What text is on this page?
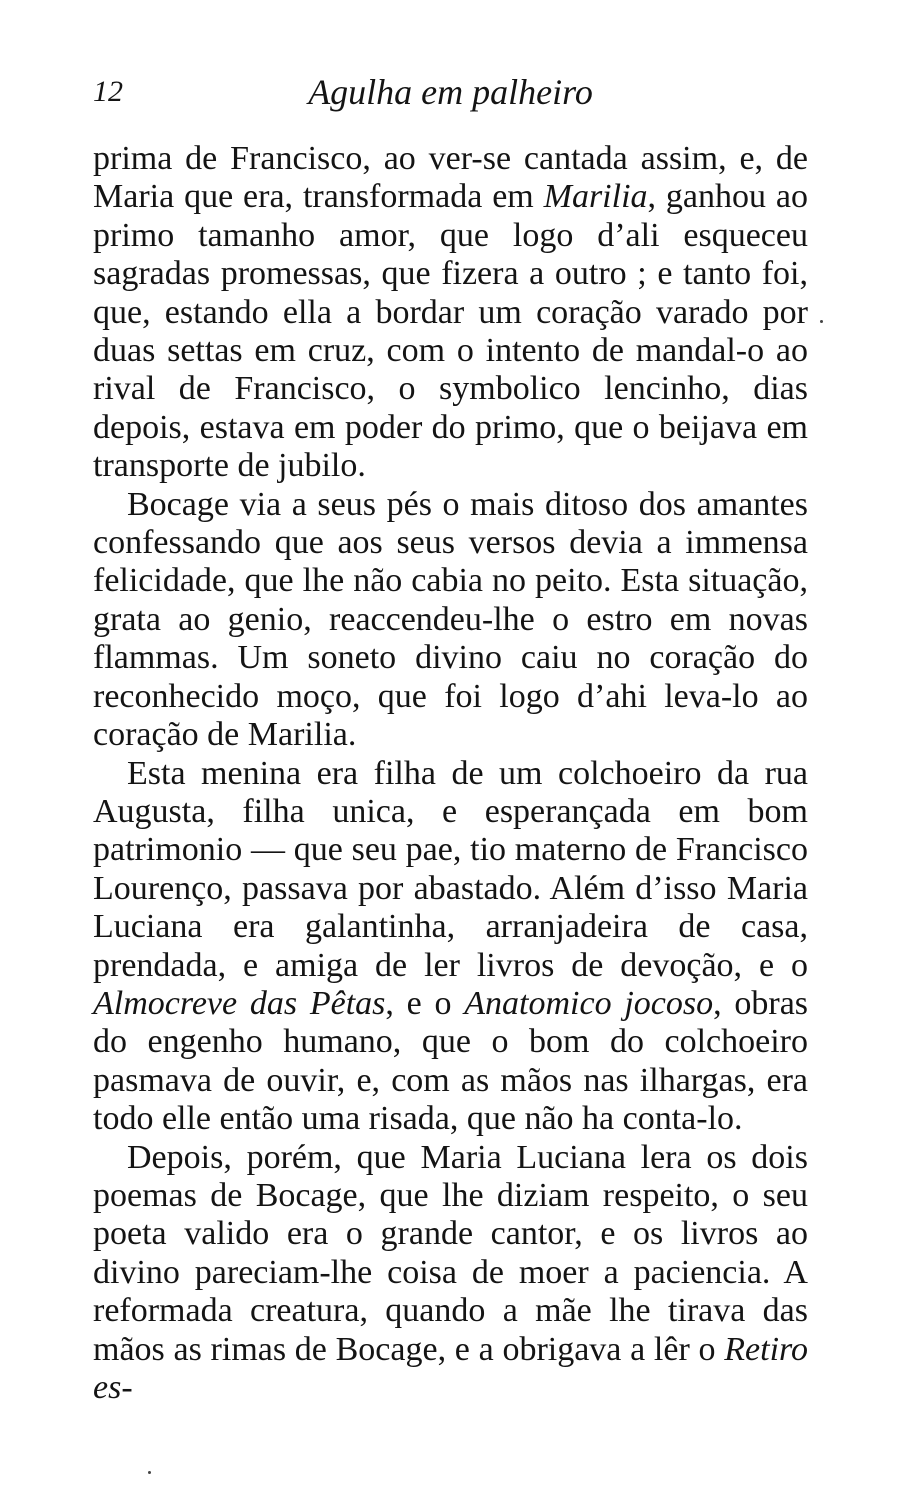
12	Agulha em palheiro

prima de Francisco, ao ver-se cantada assim, e, de Maria que era, transformada em Marilia, ganhou ao primo tamanho amor, que logo d’ali esqueceu sagradas promessas, que fizera a outro ; e tanto foi, que, estando ella a bordar um coração varado por duas settas em cruz, com o intento de mandal-o ao rival de Francisco, o symbolico lencinho, dias depois, estava em poder do primo, que o beijava em transporte de jubilo.

Bocage via a seus pés o mais ditoso dos amantes confessando que aos seus versos devia a immensa felicidade, que lhe não cabia no peito. Esta situação, grata ao genio, reaccendeu-lhe o estro em novas flammas. Um soneto divino caiu no coração do reconhecido moço, que foi logo d’ahi leva-lo ao coração de Marilia.

Esta menina era filha de um colchoeiro da rua Augusta, filha unica, e esperançada em bom patrimonio — que seu pae, tio materno de Francisco Lourenço, passava por abastado. Além d’isso Maria Luciana era galantinha, arranjadeira de casa, prendada, e amiga de ler livros de devoção, e o Almocreve das Pêtas, e o Anatomico jocoso, obras do engenho humano, que o bom do colchoeiro pasmava de ouvir, e, com as mãos nas ilhargas, era todo elle então uma risada, que não ha conta-lo.

Depois, porém, que Maria Luciana lera os dois poemas de Bocage, que lhe diziam respeito, o seu poeta valido era o grande cantor, e os livros ao divino pareciam-lhe coisa de moer a paciencia. A reformada creatura, quando a mãe lhe tirava das mãos as rimas de Bocage, e a obrigava a lêr o Retiro es-
